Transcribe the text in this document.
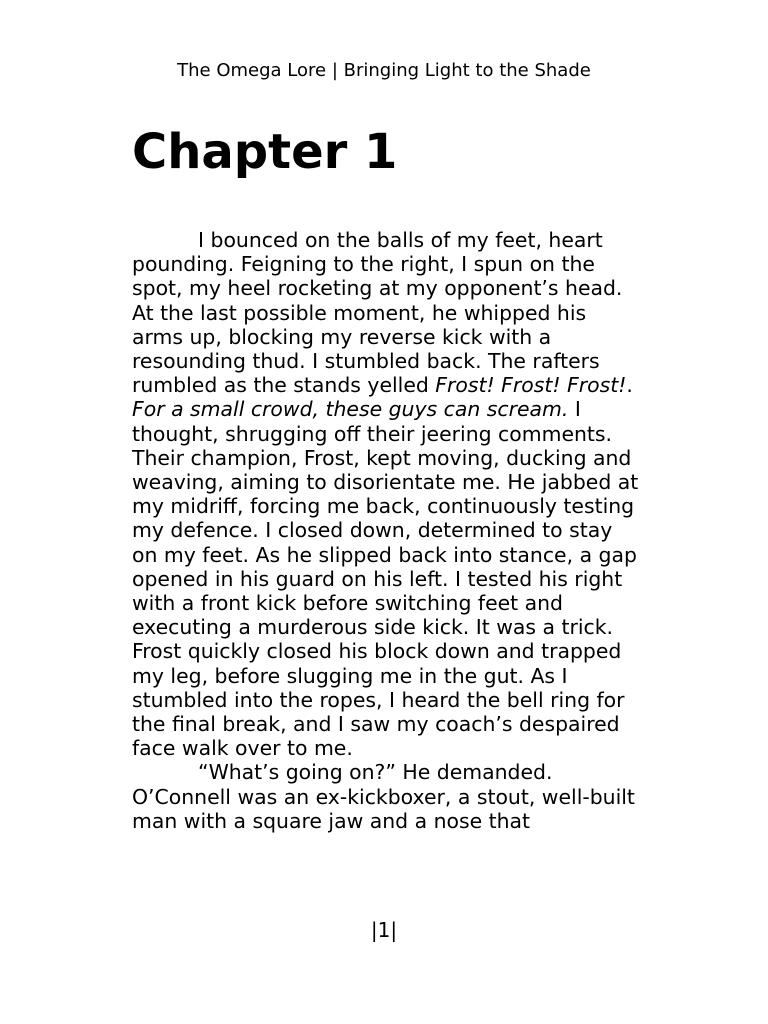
The Omega Lore | Bringing Light to the Shade
Chapter 1

I bounced on the balls of my feet, heart pounding. Feigning to the right, I spun on the spot, my heel rocketing at my opponent’s head. At the last possible moment, he whipped his arms up, blocking my reverse kick with a resounding thud. I stumbled back. The rafters rumbled as the stands yelled Frost! Frost! Frost!. For a small crowd, these guys can scream. I thought, shrugging off their jeering comments. Their champion, Frost, kept moving, ducking and weaving, aiming to disorientate me. He jabbed at my midriff, forcing me back, continuously testing my defence. I closed down, determined to stay on my feet. As he slipped back into stance, a gap opened in his guard on his left. I tested his right with a front kick before switching feet and executing a murderous side kick. It was a trick. Frost quickly closed his block down and trapped my leg, before slugging me in the gut. As I stumbled into the ropes, I heard the bell ring for the final break, and I saw my coach’s despaired face walk over to me.

“What’s going on?” He demanded. O’Connell was an ex-kickboxer, a stout, well-built man with a square jaw and a nose that

|1|
